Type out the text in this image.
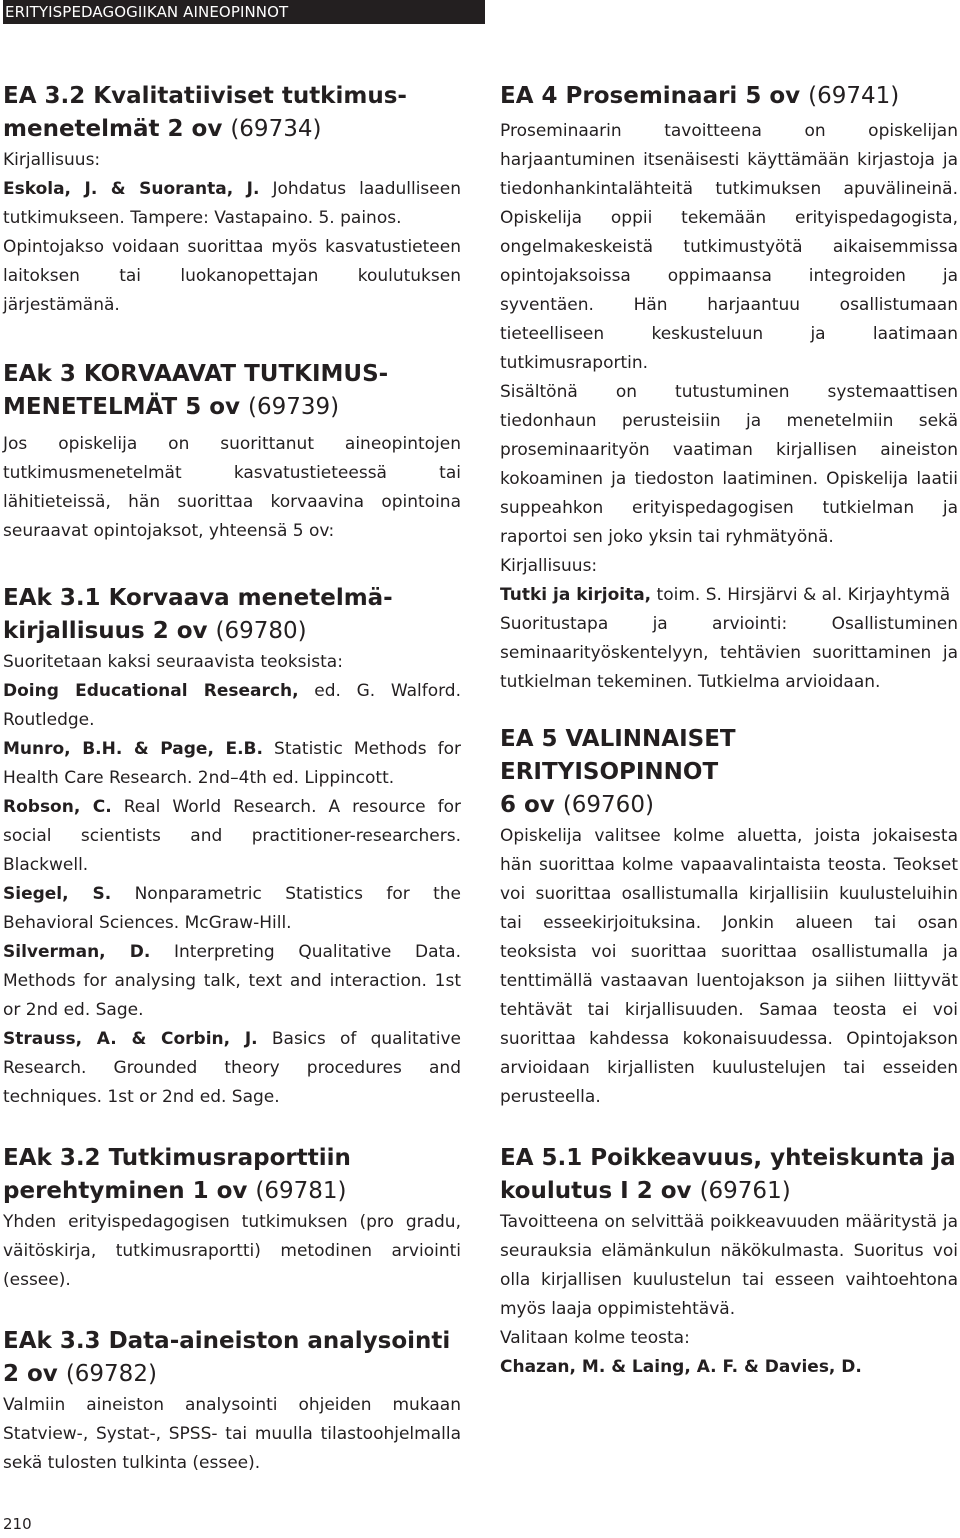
ERITYISPEDAGOGIIKAN AINEOPINNOT

EA 3.2 Kvalitatiiviset tutkimus-
menetelmät 2 ov (69734)

Kirjallisuus:

Eskola, J. & Suoranta, J. Johdatus laadulliseen tutkimukseen. Tampere: Vastapaino. 5. painos.

Opintojakso voidaan suorittaa myös kasvatustieteen laitoksen tai luokanopettajan koulutuksen järjestämänä.

EAk 3 KORVAAVAT TUTKIMUS-
MENETELMÄT 5 ov (69739)

Jos opiskelija on suorittanut aineopintojen tutkimusmenetelmät kasvatustieteessä tai lähitieteissä, hän suorittaa korvaavina opintoina seuraavat opintojaksot, yhteensä 5 ov:

EAk 3.1 Korvaava menetelmä-
kirjallisuus 2 ov (69780)

Suoritetaan kaksi seuraavista teoksista:

Doing Educational Research, ed. G. Walford. Routledge.

Munro, B.H. & Page, E.B. Statistic Methods for Health Care Research. 2nd–4th ed. Lippincott.

Robson, C. Real World Research. A resource for social scientists and practitioner-researchers. Blackwell.

Siegel, S. Nonparametric Statistics for the Behavioral Sciences. McGraw-Hill.

Silverman, D. Interpreting Qualitative Data. Methods for analysing talk, text and interaction. 1st or 2nd ed. Sage.

Strauss, A. & Corbin, J. Basics of qualitative Research. Grounded theory procedures and techniques. 1st or 2nd ed. Sage.

EAk 3.2 Tutkimusraporttiin
perehtyminen 1 ov (69781)

Yhden erityispedagogisen tutkimuksen (pro gradu, väitöskirja, tutkimusraportti) metodinen arviointi (essee).

EAk 3.3 Data-aineiston analysointi
2 ov (69782)

Valmiin aineiston analysointi ohjeiden mukaan Statview-, Systat-, SPSS- tai muulla tilastoohjelmalla sekä tulosten tulkinta (essee).

EA 4 Proseminaari 5 ov (69741)

Proseminaarin tavoitteena on opiskelijan harjaantuminen itsenäisesti käyttämään kirjastoja ja tiedonhankintalähteitä tutkimuksen apuvälineinä. Opiskelija oppii tekemään erityispedagogista, ongelmakeskeistä tutkimustyötä aikaisemmissa opintojaksoissa oppimaansa integroiden ja syventäen. Hän harjaantuu osallistumaan tieteelliseen keskusteluun ja laatimaan tutkimusraportin.

Sisältönä on tutustuminen systemaattisen tiedonhaun perusteisiin ja menetelmiin sekä proseminaarityön vaatiman kirjallisen aineiston kokoaminen ja tiedoston laatiminen. Opiskelija laatii suppeahkon erityispedagogisen tutkielman ja raportoi sen joko yksin tai ryhmätyönä.

Kirjallisuus:

Tutki ja kirjoita, toim. S. Hirsjärvi & al. Kirjayhtymä

Suoritustapa ja arviointi: Osallistuminen seminaarityöskentelyyn, tehtävien suorittaminen ja tutkielman tekeminen. Tutkielma arvioidaan.

EA 5 VALINNAISET ERITYISOPINNOT
6 ov (69760)

Opiskelija valitsee kolme aluetta, joista jokaisesta hän suorittaa kolme vapaavalintaista teosta. Teokset voi suorittaa osallistumalla kirjallisiin kuulusteluihin tai esseekirjoituksina. Jonkin alueen tai osan teoksista voi suorittaa suorittaa osallistumalla ja tenttimällä vastaavan luentojakson ja siihen liittyvät tehtävät tai kirjallisuuden. Samaa teosta ei voi suorittaa kahdessa kokonaisuudessa. Opintojakson arvioidaan kirjallisten kuulustelujen tai esseiden perusteella.

EA 5.1 Poikkeavuus, yhteiskunta ja
koulutus I 2 ov (69761)

Tavoitteena on selvittää poikkeavuuden määritystä ja seurauksia elämänkulun näkökulmasta. Suoritus voi olla kirjallisen kuulustelun tai esseen vaihtoehtona myös laaja oppimistehtävä.

Valitaan kolme teosta:

Chazan, M. & Laing, A. F. & Davies, D.

210
